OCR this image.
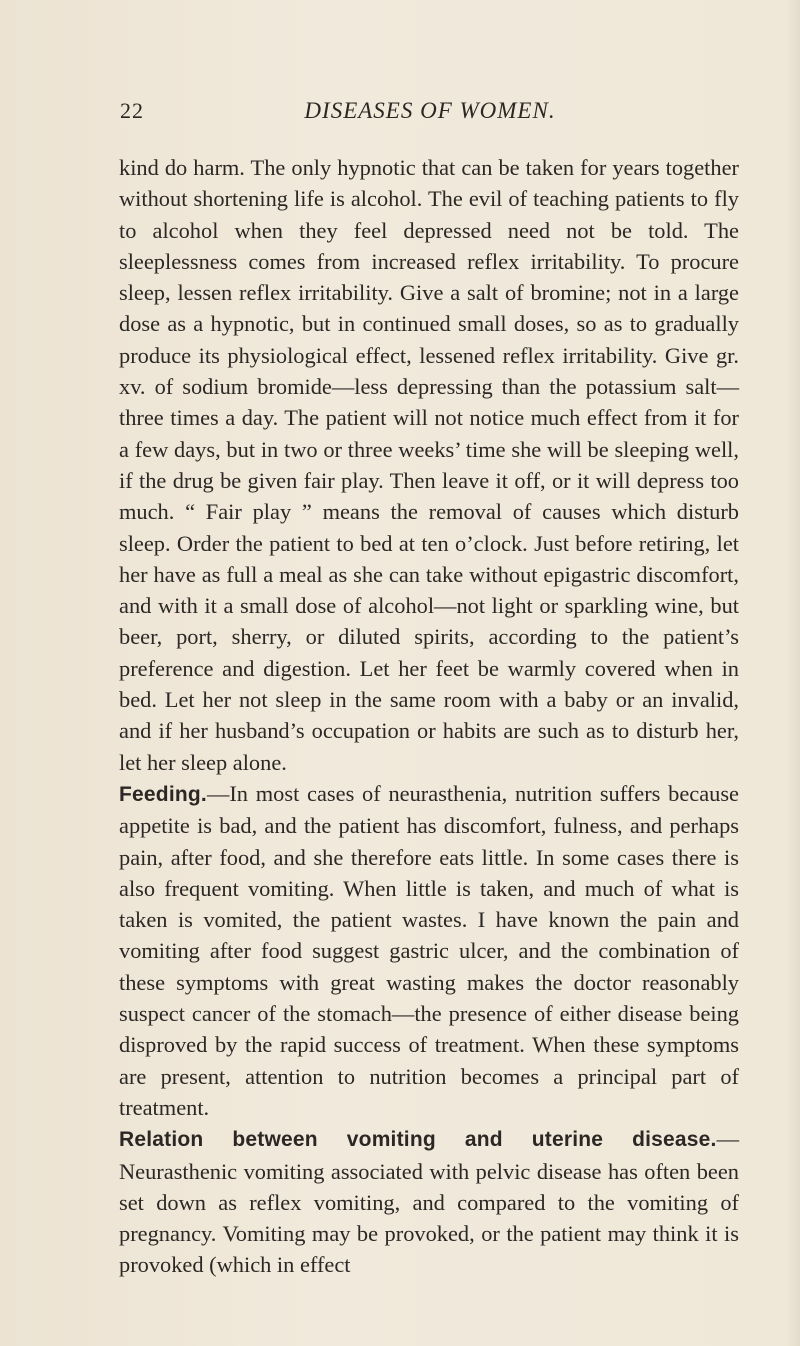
22	DISEASES OF WOMEN.

kind do harm. The only hypnotic that can be taken for years together without shortening life is alcohol. The evil of teaching patients to fly to alcohol when they feel depressed need not be told. The sleeplessness comes from increased reflex irritability. To procure sleep, lessen reflex irritability. Give a salt of bromine; not in a large dose as a hypnotic, but in continued small doses, so as to gradually produce its physiological effect, lessened reflex irritability. Give gr. xv. of sodium bromide—less depressing than the potassium salt—three times a day. The patient will not notice much effect from it for a few days, but in two or three weeks’ time she will be sleeping well, if the drug be given fair play. Then leave it off, or it will depress too much. “ Fair play ” means the removal of causes which disturb sleep. Order the patient to bed at ten o’clock. Just before retiring, let her have as full a meal as she can take without epigastric discomfort, and with it a small dose of alcohol—not light or sparkling wine, but beer, port, sherry, or diluted spirits, according to the patient’s preference and digestion. Let her feet be warmly covered when in bed. Let her not sleep in the same room with a baby or an invalid, and if her husband’s occupation or habits are such as to disturb her, let her sleep alone.

Feeding.—In most cases of neurasthenia, nutrition suffers because appetite is bad, and the patient has discomfort, fulness, and perhaps pain, after food, and she therefore eats little. In some cases there is also frequent vomiting. When little is taken, and much of what is taken is vomited, the patient wastes. I have known the pain and vomiting after food suggest gastric ulcer, and the combination of these symptoms with great wasting makes the doctor reasonably suspect cancer of the stomach—the presence of either disease being disproved by the rapid success of treatment. When these symptoms are present, attention to nutrition becomes a principal part of treatment.

Relation between vomiting and uterine disease.—Neurasthenic vomiting associated with pelvic disease has often been set down as reflex vomiting, and compared to the vomiting of pregnancy. Vomiting may be provoked, or the patient may think it is provoked (which in effect
